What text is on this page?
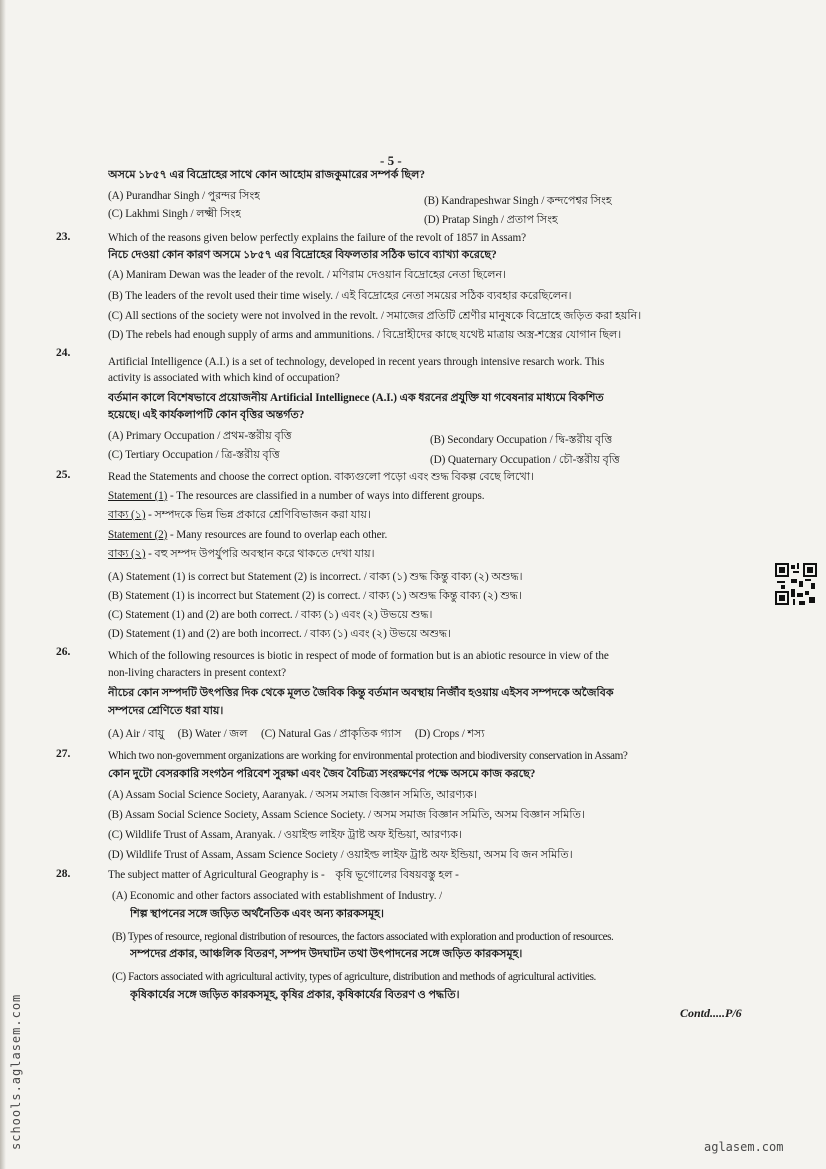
- 5 -
অসমে ১৮৫৭ এর বিদ্রোহের সাথে কোন আহোম রাজকুমারের সম্পর্ক ছিল?
(A) Purandhar Singh / পুরন্দর সিংহ	(B) Kandrapeshwar Singh / কন্দপেশ্বর সিংহ
(C) Lakhmi Singh / লক্ষ্মী সিংহ	(D) Pratap Singh / প্রতাপ সিংহ
23.	Which of the reasons given below perfectly explains the failure of the revolt of 1857 in Assam?
নিচে দেওয়া কোন কারণ অসমে ১৮৫৭ এর বিদ্রোহের বিফলতার সঠিক ভাবে ব্যাখ্যা করেছে?
(A) Maniram Dewan was the leader of the revolt. / মণিরাম দেওয়ান বিদ্রোহের নেতা ছিলেন।
(B) The leaders of the revolt used their time wisely. / এই বিদ্রোহের নেতা সময়ের সঠিক ব্যবহার করেছিলেন।
(C) All sections of the society were not involved in the revolt. / সমাজের প্রতিটি শ্রেণীর মানুষকে বিদ্রোহে জড়িত করা হয়নি।
(D) The rebels had enough supply of arms and ammunitions. / বিদ্রোহীদের কাছে যথেষ্ট মাত্রায় অস্ত্র-শস্ত্রের যোগান ছিল।
24.
Artificial Intelligence (A.I.) is a set of technology, developed in recent years through intensive resarch work. This
activity is associated with which kind of occupation?
বর্তমান কালে বিশেষভাবে প্রয়োজনীয় Artificial Intellignece (A.I.) এক ধরনের প্রযুক্তি যা গবেষনার মাধ্যমে বিকশিত
হয়েছে। এই কার্যকলাপটি কোন বৃত্তির অন্তর্গত?
(A) Primary Occupation / প্রথম-স্তরীয় বৃত্তি	(B) Secondary Occupation / দ্বি-স্তরীয় বৃত্তি
(C) Tertiary Occupation / ত্রি-স্তরীয় বৃত্তি	(D) Quaternary Occupation / চৌ-স্তরীয় বৃত্তি
25.	Read the Statements and choose the correct option. বাক্যগুলো পড়ো এবং শুদ্ধ বিকল্প বেছে লিখো।
Statement (1) - The resources are classified in a number of ways into different groups.
বাক্য (১) - সম্পদকে ভিন্ন ভিন্ন প্রকারে শ্রেণিবিভাজন করা যায়।
Statement (2) - Many resources are found to overlap each other.
বাক্য (২) - বহু সম্পদ উপর্যুপরি অবস্থান করে থাকতে দেখা যায়।
(A) Statement (1) is correct but Statement (2) is incorrect. / বাক্য (১) শুদ্ধ কিন্তু বাক্য (২) অশুদ্ধ।
(B) Statement (1) is incorrect but Statement (2) is correct. / বাক্য (১) অশুদ্ধ কিন্তু বাক্য (২) শুদ্ধ।
(C) Statement (1) and (2) are both correct. / বাক্য (১) এবং (২) উভয়ে শুদ্ধ।
(D) Statement (1) and (2) are both incorrect. / বাক্য (১) এবং (২) উভয়ে অশুদ্ধ।
26.	Which of the following resources is biotic in respect of mode of formation but is an abiotic resource in view of the
non-living characters in present context?
নীচের কোন সম্পদটি উৎপত্তির দিক থেকে মূলত জৈবিক কিন্তু বর্তমান অবস্থায় নির্জীব হওয়ায় এইসব সম্পদকে অজৈবিক
সম্পদের শ্রেণিতে ধরা যায়।
(A) Air / বায়ু     (B) Water / জল     (C) Natural Gas / প্রাকৃতিক গ্যাস     (D) Crops / শস্য
27.	Which two non-government organizations are working for environmental protection and biodiversity conservation in Assam?
কোন দুটো বেসরকারি সংগঠন পরিবেশ সুরক্ষা এবং জৈব বৈচিত্র্য সংরক্ষণের পক্ষে অসমে কাজ করছে?
(A) Assam Social Science Society, Aaranyak. / অসম সমাজ বিজ্ঞান সমিতি, আরণ্যক।
(B) Assam Social Science Society, Assam Science Society. / অসম সমাজ বিজ্ঞান সমিতি, অসম বিজ্ঞান সমিতি।
(C) Wildlife Trust of Assam, Aranyak. / ওয়াইল্ড লাইফ ট্রাষ্ট অফ ইন্ডিয়া, আরণ্যক।
(D) Wildlife Trust of Assam, Assam Science Society / ওয়াইল্ড লাইফ ট্রাষ্ট অফ ইন্ডিয়া, অসম বি জন সমিতি।
28.	The subject matter of Agricultural Geography is -    কৃষি ভূগোলের বিষয়বস্তু হল -
(A) Economic and other factors associated with establishment of Industry. /
শিল্প স্থাপনের সঙ্গে জড়িত অর্থনৈতিক এবং অন্য কারকসমূহ।
(B) Types of resource, regional distribution of resources, the factors associated with exploration and production of resources.
সম্পদের প্রকার, আঞ্চলিক বিতরণ, সম্পদ উদঘাটন তথা উৎপাদনের সঙ্গে জড়িত কারকসমূহ।
(C) Factors associated with agricultural activity, types of agriculture, distribution and methods of agricultural activities.
কৃষিকার্যের সঙ্গে জড়িত কারকসমূহ, কৃষির প্রকার, কৃষিকার্যের বিতরণ ও পদ্ধতি।
Contd.....P/6
schools.aglasem.com	aglasem.com
